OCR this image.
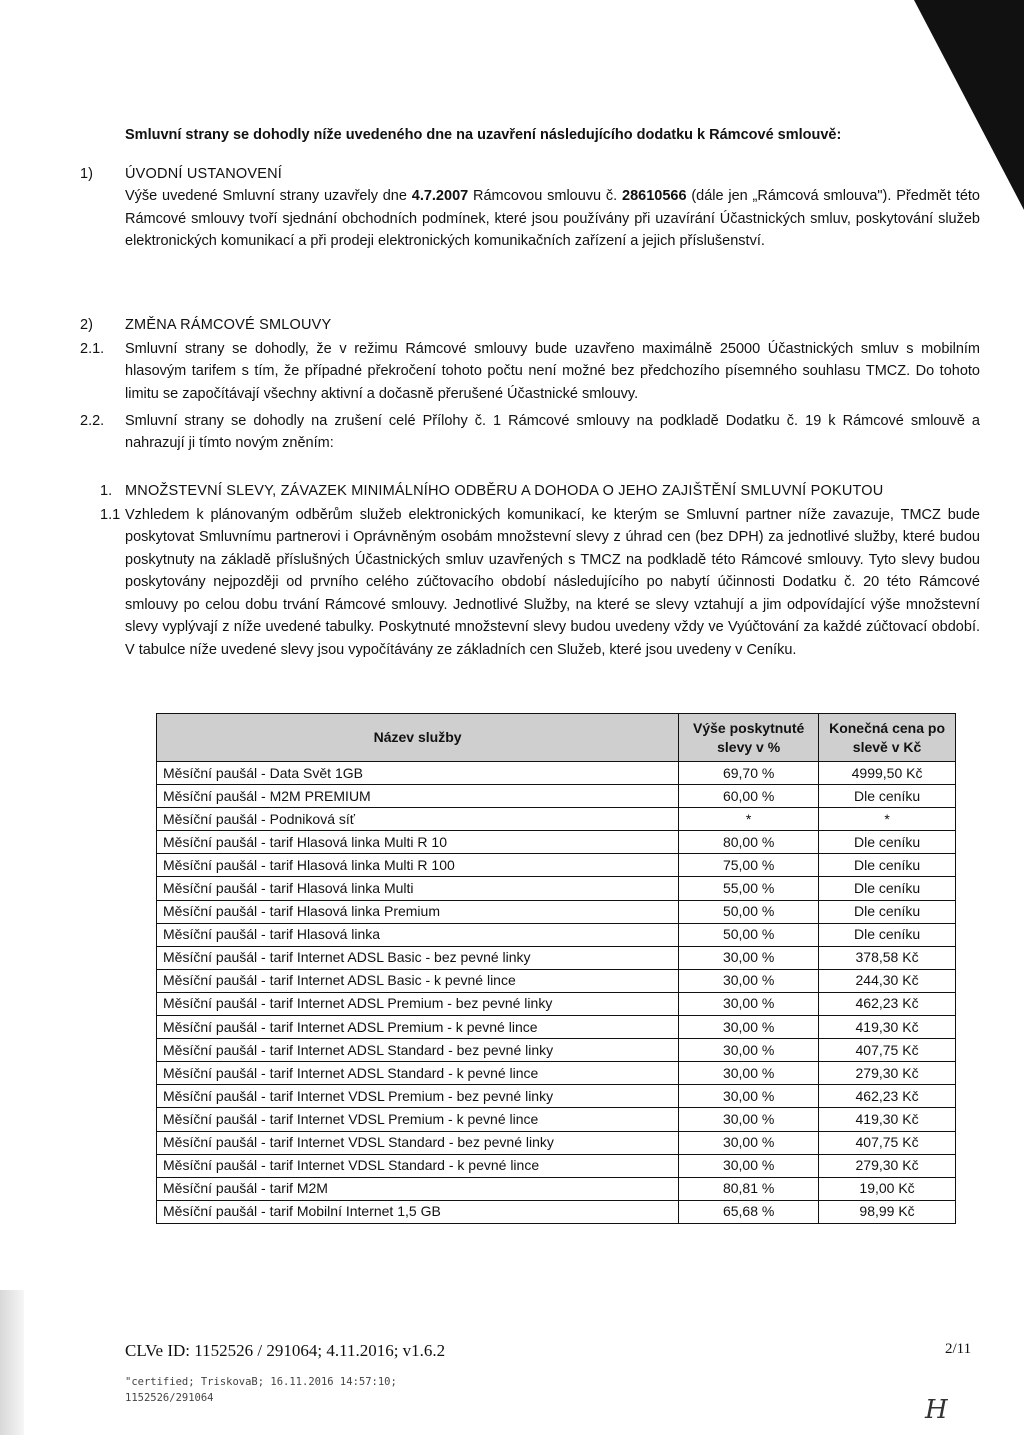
Smluvní strany se dohodly níže uvedeného dne na uzavření následujícího dodatku k Rámcové smlouvě:
1) ÚVODNÍ USTANOVENÍ
Výše uvedené Smluvní strany uzavřely dne 4.7.2007 Rámcovou smlouvu č. 28610566 (dále jen „Rámcová smlouva"). Předmět této Rámcové smlouvy tvoří sjednání obchodních podmínek, které jsou používány při uzavírání Účastnických smluv, poskytování služeb elektronických komunikací a při prodeji elektronických komunikačních zařízení a jejich příslušenství.
2) ZMĚNA RÁMCOVÉ SMLOUVY
2.1. Smluvní strany se dohodly, že v režimu Rámcové smlouvy bude uzavřeno maximálně 25000 Účastnických smluv s mobilním hlasovým tarifem s tím, že případné překročení tohoto počtu není možné bez předchozího písemného souhlasu TMCZ. Do tohoto limitu se započítávají všechny aktivní a dočasně přerušené Účastnické smlouvy.
2.2. Smluvní strany se dohodly na zrušení celé Přílohy č. 1 Rámcové smlouvy na podkladě Dodatku č. 19 k Rámcové smlouvě a nahrazují ji tímto novým zněním:
1. MNOŽSTEVNÍ SLEVY, ZÁVAZEK MINIMÁLNÍHO ODBĚRU A DOHODA O JEHO ZAJIŠTĚNÍ SMLUVNÍ POKUTOU
1.1 Vzhledem k plánovaným odběrům služeb elektronických komunikací, ke kterým se Smluvní partner níže zavazuje, TMCZ bude poskytovat Smluvnímu partnerovi i Oprávněným osobám množstevní slevy z úhrad cen (bez DPH) za jednotlivé služby, které budou poskytnuty na základě příslušných Účastnických smluv uzavřených s TMCZ na podkladě této Rámcové smlouvy. Tyto slevy budou poskytovány nejpozději od prvního celého zúčtovacího období následujícího po nabytí účinnosti Dodatku č. 20 této Rámcové smlouvy po celou dobu trvání Rámcové smlouvy. Jednotlivé Služby, na které se slevy vztahují a jim odpovídající výše množstevní slevy vyplývají z níže uvedené tabulky. Poskytnuté množstevní slevy budou uvedeny vždy ve Vyúčtování za každé zúčtovací období. V tabulce níže uvedené slevy jsou vypočítávány ze základních cen Služeb, které jsou uvedeny v Ceníku.
Název služby	Výše poskytnuté slevy v %	Konečná cena po slevě v Kč
Měsíční paušál - Data Svět 1GB	69,70 %	4999,50 Kč
Měsíční paušál - M2M PREMIUM	60,00 %	Dle ceníku
Měsíční paušál - Podniková síť	*	*
Měsíční paušál - tarif Hlasová linka Multi R 10	80,00 %	Dle ceníku
Měsíční paušál - tarif Hlasová linka Multi R 100	75,00 %	Dle ceníku
Měsíční paušál - tarif Hlasová linka Multi	55,00 %	Dle ceníku
Měsíční paušál - tarif Hlasová linka Premium	50,00 %	Dle ceníku
Měsíční paušál - tarif Hlasová linka	50,00 %	Dle ceníku
Měsíční paušál - tarif Internet ADSL Basic - bez pevné linky	30,00 %	378,58 Kč
Měsíční paušál - tarif Internet ADSL Basic - k pevné lince	30,00 %	244,30 Kč
Měsíční paušál - tarif Internet ADSL Premium - bez pevné linky	30,00 %	462,23 Kč
Měsíční paušál - tarif Internet ADSL Premium - k pevné lince	30,00 %	419,30 Kč
Měsíční paušál - tarif Internet ADSL Standard - bez pevné linky	30,00 %	407,75 Kč
Měsíční paušál - tarif Internet ADSL Standard - k pevné lince	30,00 %	279,30 Kč
Měsíční paušál - tarif Internet VDSL Premium - bez pevné linky	30,00 %	462,23 Kč
Měsíční paušál - tarif Internet VDSL Premium - k pevné lince	30,00 %	419,30 Kč
Měsíční paušál - tarif Internet VDSL Standard - bez pevné linky	30,00 %	407,75 Kč
Měsíční paušál - tarif Internet VDSL Standard - k pevné lince	30,00 %	279,30 Kč
Měsíční paušál - tarif M2M	80,81 %	19,00 Kč
Měsíční paušál - tarif Mobilní Internet 1,5 GB	65,68 %	98,99 Kč
CLVe ID: 1152526 / 291064; 4.11.2016; v1.6.2	2/11
"certified; TriskovaB; 16.11.2016 14:57:10;
1152526/291064	H
